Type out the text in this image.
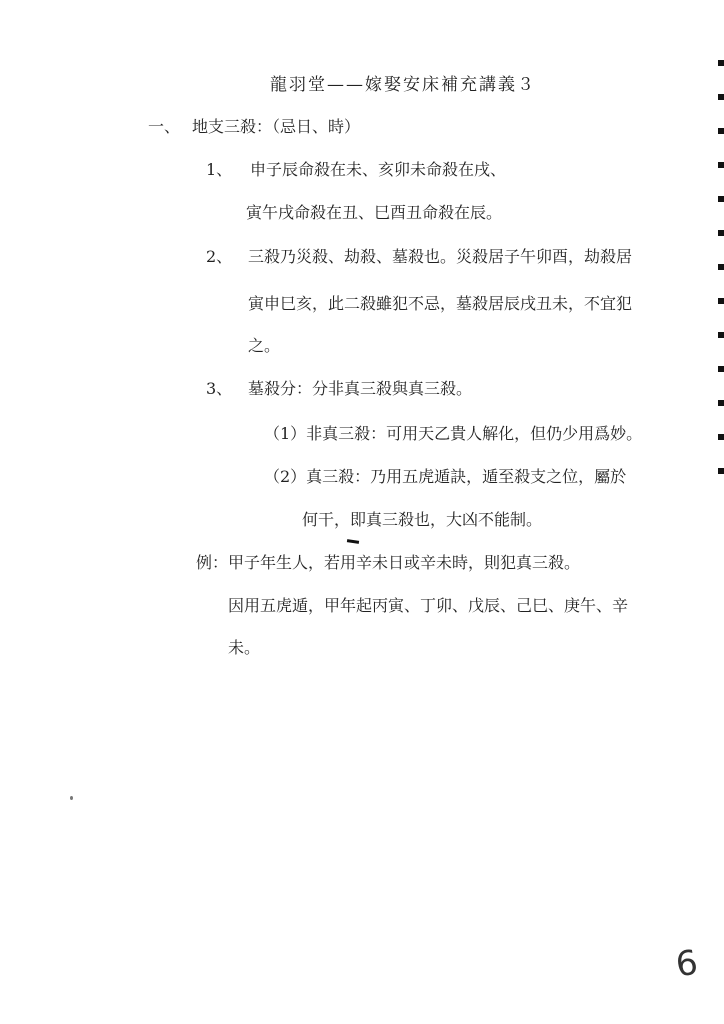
龍羽堂——嫁娶安床補充講義３
一、 地支三殺：（忌日、時）
1、 申子辰命殺在未、亥卯未命殺在戌、
寅午戌命殺在丑、巳酉丑命殺在辰。
2、 三殺乃災殺、劫殺、墓殺也。災殺居子午卯酉，劫殺居
寅申巳亥，此二殺雖犯不忌，墓殺居辰戌丑未，不宜犯
之。
3、 墓殺分：分非真三殺與真三殺。
（1）非真三殺：可用天乙貴人解化，但仍少用爲妙。
（2）真三殺：乃用五虎遁訣，遁至殺支之位，屬於
何干，即真三殺也，大凶不能制。
例：甲子年生人，若用辛未日或辛未時，則犯真三殺。
因用五虎遁，甲年起丙寅、丁卯、戊辰、己巳、庚午、辛
未。
6
